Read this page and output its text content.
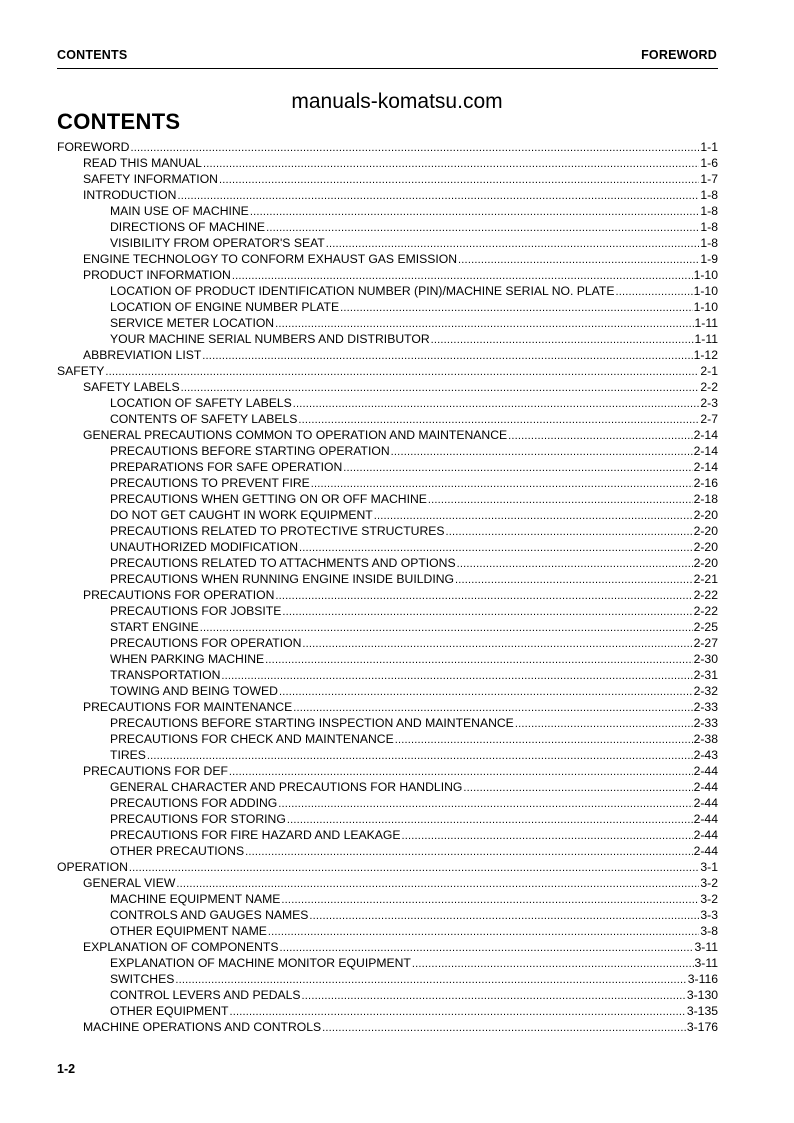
CONTENTS	FOREWORD
manuals-komatsu.com
CONTENTS
FOREWORD .....	1-1
READ THIS MANUAL .....	1-6
SAFETY INFORMATION .....	1-7
INTRODUCTION .....	1-8
MAIN USE OF MACHINE .....	1-8
DIRECTIONS OF MACHINE .....	1-8
VISIBILITY FROM OPERATOR'S SEAT .....	1-8
ENGINE TECHNOLOGY TO CONFORM EXHAUST GAS EMISSION .....	1-9
PRODUCT INFORMATION .....	1-10
LOCATION OF PRODUCT IDENTIFICATION NUMBER (PIN)/MACHINE SERIAL NO. PLATE .....	1-10
LOCATION OF ENGINE NUMBER PLATE .....	1-10
SERVICE METER LOCATION .....	1-11
YOUR MACHINE SERIAL NUMBERS AND DISTRIBUTOR .....	1-11
ABBREVIATION LIST .....	1-12
SAFETY .....	2-1
SAFETY LABELS .....	2-2
LOCATION OF SAFETY LABELS .....	2-3
CONTENTS OF SAFETY LABELS .....	2-7
GENERAL PRECAUTIONS COMMON TO OPERATION AND MAINTENANCE .....	2-14
PRECAUTIONS BEFORE STARTING OPERATION .....	2-14
PREPARATIONS FOR SAFE OPERATION .....	2-14
PRECAUTIONS TO PREVENT FIRE .....	2-16
PRECAUTIONS WHEN GETTING ON OR OFF MACHINE .....	2-18
DO NOT GET CAUGHT IN WORK EQUIPMENT .....	2-20
PRECAUTIONS RELATED TO PROTECTIVE STRUCTURES .....	2-20
UNAUTHORIZED MODIFICATION .....	2-20
PRECAUTIONS RELATED TO ATTACHMENTS AND OPTIONS .....	2-20
PRECAUTIONS WHEN RUNNING ENGINE INSIDE BUILDING .....	2-21
PRECAUTIONS FOR OPERATION .....	2-22
PRECAUTIONS FOR JOBSITE .....	2-22
START ENGINE .....	2-25
PRECAUTIONS FOR OPERATION .....	2-27
WHEN PARKING MACHINE .....	2-30
TRANSPORTATION .....	2-31
TOWING AND BEING TOWED .....	2-32
PRECAUTIONS FOR MAINTENANCE .....	2-33
PRECAUTIONS BEFORE STARTING INSPECTION AND MAINTENANCE .....	2-33
PRECAUTIONS FOR CHECK AND MAINTENANCE .....	2-38
TIRES .....	2-43
PRECAUTIONS FOR DEF .....	2-44
GENERAL CHARACTER AND PRECAUTIONS FOR HANDLING .....	2-44
PRECAUTIONS FOR ADDING .....	2-44
PRECAUTIONS FOR STORING .....	2-44
PRECAUTIONS FOR FIRE HAZARD AND LEAKAGE .....	2-44
OTHER PRECAUTIONS .....	2-44
OPERATION .....	3-1
GENERAL VIEW .....	3-2
MACHINE EQUIPMENT NAME .....	3-2
CONTROLS AND GAUGES NAMES .....	3-3
OTHER EQUIPMENT NAME .....	3-8
EXPLANATION OF COMPONENTS .....	3-11
EXPLANATION OF MACHINE MONITOR EQUIPMENT .....	3-11
SWITCHES .....	3-116
CONTROL LEVERS AND PEDALS .....	3-130
OTHER EQUIPMENT .....	3-135
MACHINE OPERATIONS AND CONTROLS .....	3-176
1-2
